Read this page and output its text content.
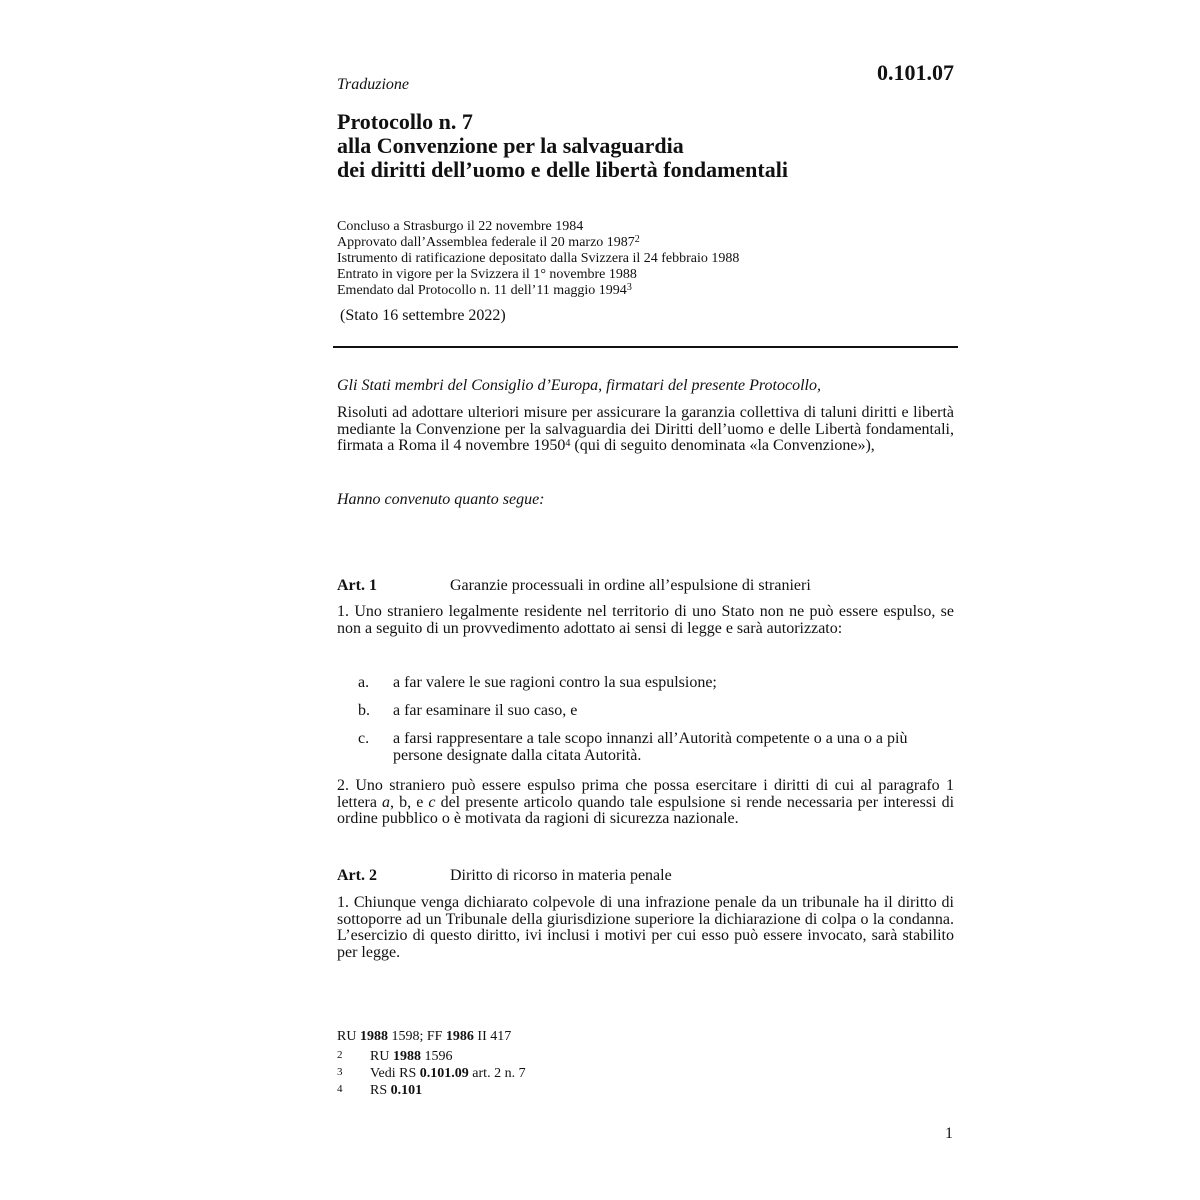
0.101.07
Traduzione
Protocollo n. 7
alla Convenzione per la salvaguardia
dei diritti dell’uomo e delle libertà fondamentali
Concluso a Strasburgo il 22 novembre 1984
Approvato dall’Assemblea federale il 20 marzo 1987$^2$
Istrumento di ratificazione depositato dalla Svizzera il 24 febbraio 1988
Entrato in vigore per la Svizzera il 1° novembre 1988
Emendato dal Protocollo n. 11 dell’11 maggio 1994$^3$
(Stato 16 settembre 2022)
Gli Stati membri del Consiglio d’Europa, firmatari del presente Protocollo,
Risoluti ad adottare ulteriori misure per assicurare la garanzia collettiva di taluni diritti e libertà mediante la Convenzione per la salvaguardia dei Diritti dell’uomo e delle Libertà fondamentali, firmata a Roma il 4 novembre 1950$^4$ (qui di seguito denominata «la Convenzione»),
Hanno convenuto quanto segue:
Art. 1	Garanzie processuali in ordine all’espulsione di stranieri
1. Uno straniero legalmente residente nel territorio di uno Stato non ne può essere espulso, se non a seguito di un provvedimento adottato ai sensi di legge e sarà autorizzato:
a. a far valere le sue ragioni contro la sua espulsione;
b. a far esaminare il suo caso, e
c. a farsi rappresentare a tale scopo innanzi all’Autorità competente o a una o a più persone designate dalla citata Autorità.
2. Uno straniero può essere espulso prima che possa esercitare i diritti di cui al paragrafo 1 lettera a, b, e c del presente articolo quando tale espulsione si rende necessaria per interessi di ordine pubblico o è motivata da ragioni di sicurezza nazionale.
Art. 2	Diritto di ricorso in materia penale
1. Chiunque venga dichiarato colpevole di una infrazione penale da un tribunale ha il diritto di sottoporre ad un Tribunale della giurisdizione superiore la dichiarazione di colpa o la condanna. L’esercizio di questo diritto, ivi inclusi i motivi per cui esso può essere invocato, sarà stabilito per legge.
RU 1988 1598; FF 1986 II 417
2 RU 1988 1596
3 Vedi RS 0.101.09 art. 2 n. 7
4 RS 0.101
1
